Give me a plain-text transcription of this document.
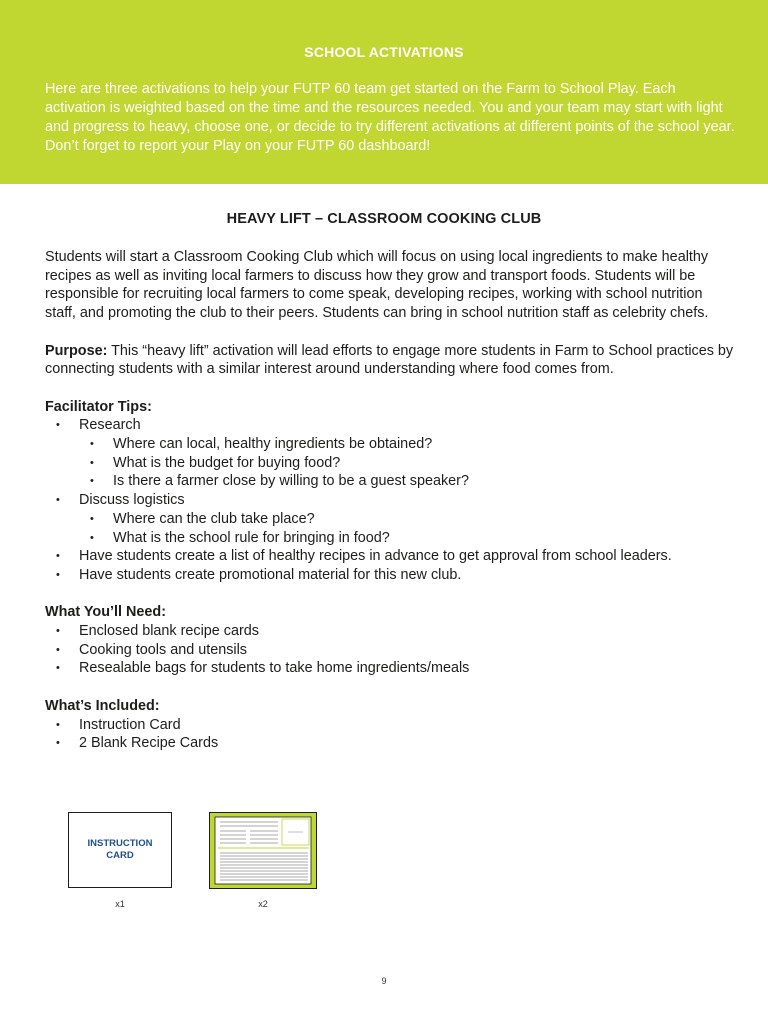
SCHOOL ACTIVATIONS
Here are three activations to help your FUTP 60 team get started on the Farm to School Play. Each activation is weighted based on the time and the resources needed. You and your team may start with light and progress to heavy, choose one, or decide to try different activations at different points of the school year. Don’t forget to report your Play on your FUTP 60 dashboard!
HEAVY LIFT – CLASSROOM COOKING CLUB

Students will start a Classroom Cooking Club which will focus on using local ingredients to make healthy recipes as well as inviting local farmers to discuss how they grow and transport foods. Students will be responsible for recruiting local farmers to come speak, developing recipes, working with school nutrition staff, and promoting the club to their peers. Students can bring in school nutrition staff as celebrity chefs.

Purpose: This “heavy lift” activation will lead efforts to engage more students in Farm to School practices by connecting students with a similar interest around understanding where food comes from.

Facilitator Tips:

• Research
• Where can local, healthy ingredients be obtained?
• What is the budget for buying food?
• Is there a farmer close by willing to be a guest speaker?
• Discuss logistics
• Where can the club take place?
• What is the school rule for bringing in food?
• Have students create a list of healthy recipes in advance to get approval from school leaders.
• Have students create promotional material for this new club.

What You’ll Need:

• Enclosed blank recipe cards
• Cooking tools and utensils
• Resealable bags for students to take home ingredients/meals

What’s Included:

• Instruction Card
• 2 Blank Recipe Cards
INSTRUCTION CARD
x1	x2
9
